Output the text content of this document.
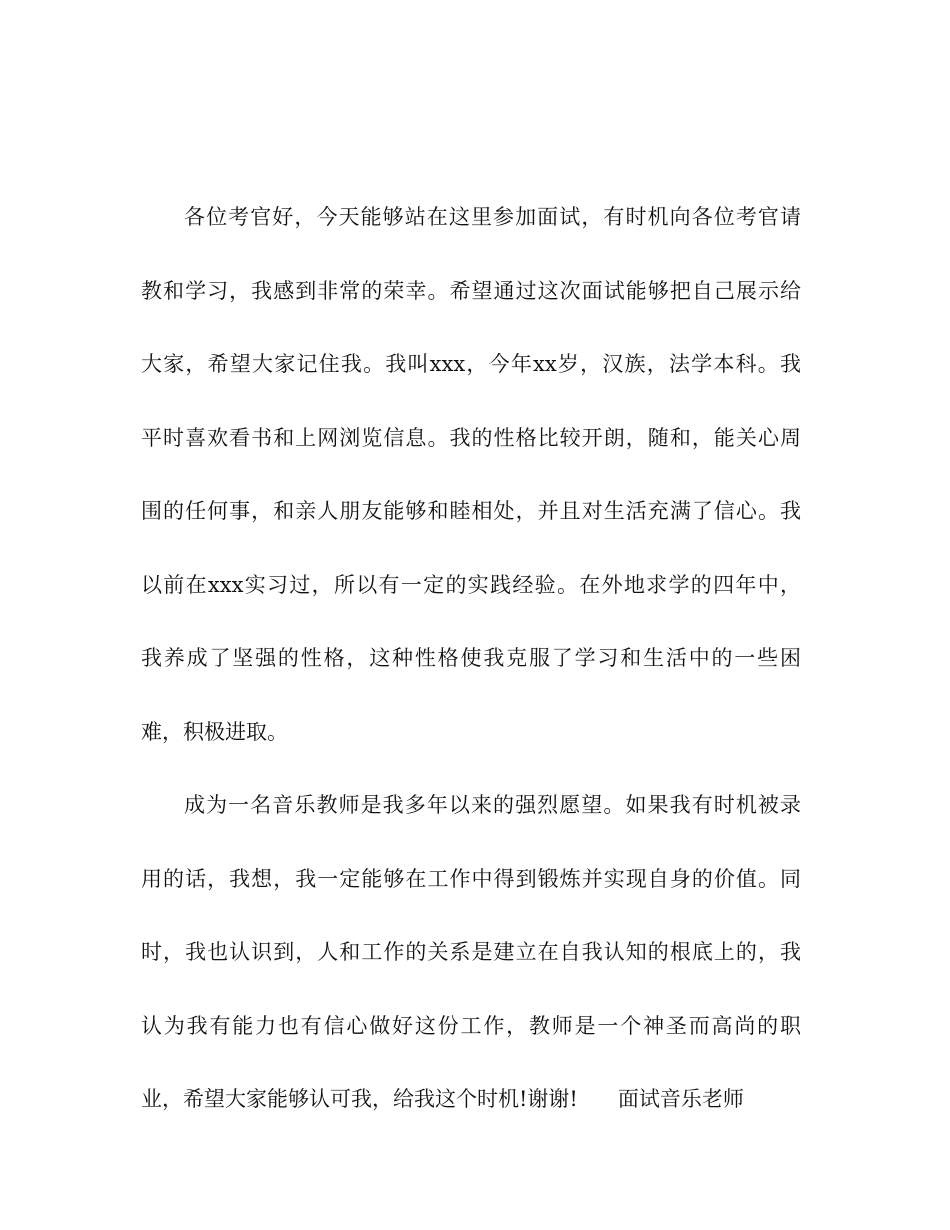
各位考官好，今天能够站在这里参加面试，有时机向各位考官请
教和学习，我感到非常的荣幸。希望通过这次面试能够把自己展示给
大家，希望大家记住我。我叫xxx，今年xx岁，汉族，法学本科。我
平时喜欢看书和上网浏览信息。我的性格比较开朗，随和，能关心周
围的任何事，和亲人朋友能够和睦相处，并且对生活充满了信心。我
以前在xxx实习过，所以有一定的实践经验。在外地求学的四年中，
我养成了坚强的性格，这种性格使我克服了学习和生活中的一些困
难，积极进取。
成为一名音乐教师是我多年以来的强烈愿望。如果我有时机被录
用的话，我想，我一定能够在工作中得到锻炼并实现自身的价值。同
时，我也认识到，人和工作的关系是建立在自我认知的根底上的，我
认为我有能力也有信心做好这份工作，教师是一个神圣而高尚的职
业，希望大家能够认可我，给我这个时机!谢谢! 面试音乐老师
